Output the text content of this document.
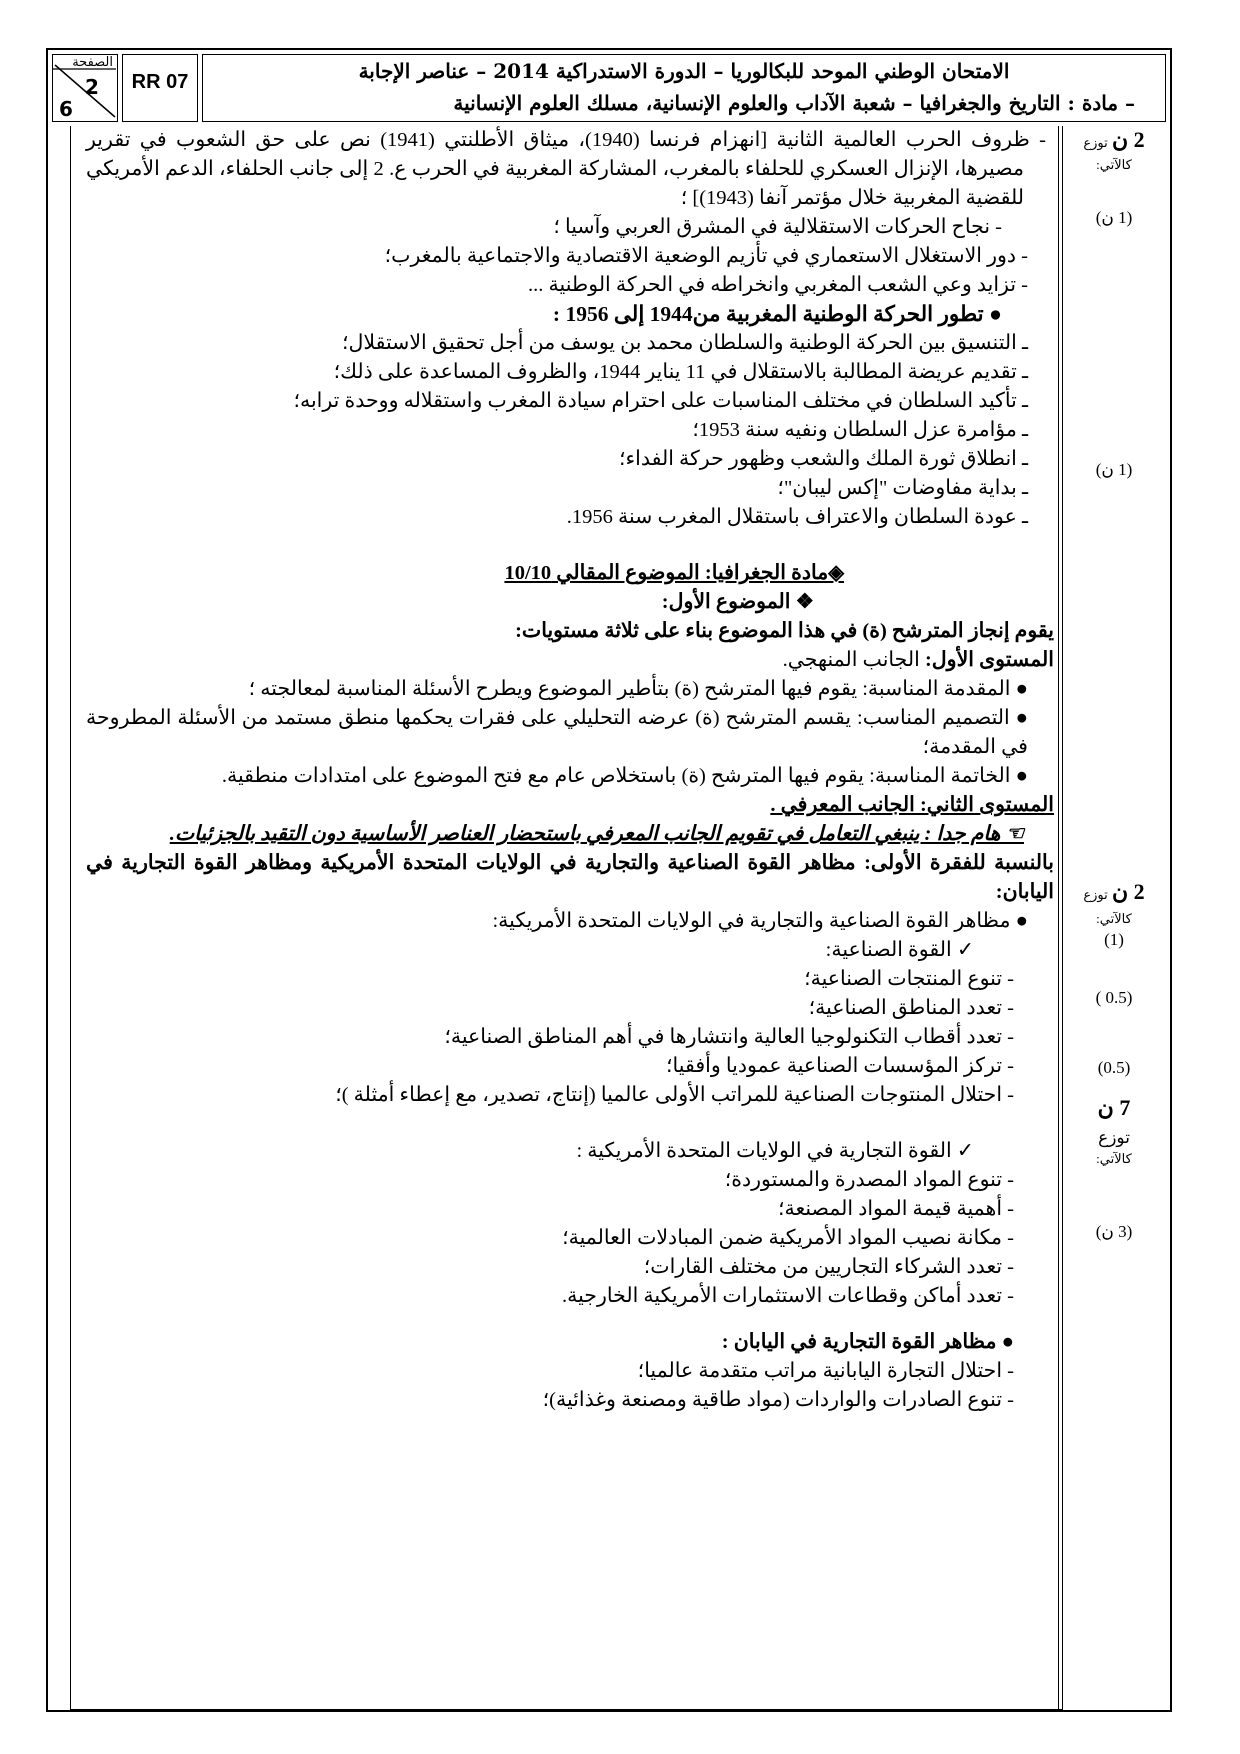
الصفحة
2
6
RR 07	الامتحان الوطني الموحد للبكالوريا – الدورة الاستدراكية 2014 – عناصر الإجابة
– مادة : التاريخ والجغرافيا – شعبة الآداب والعلوم الإنسانية، مسلك العلوم الإنسانية
2 ن توزع
كالآتي:
(1 ن)
(1 ن)
2 ن توزع
كالآتي:
(1)
(0.5 )
(0.5)
7 ن
توزع
كالآتي:
(3 ن)

- ظروف الحرب العالمية الثانية [انهزام فرنسا (1940)، ميثاق الأطلنتي (1941) نص على حق الشعوب في تقرير مصيرها، الإنزال العسكري للحلفاء بالمغرب، المشاركة المغربية في الحرب ع. 2 إلى جانب الحلفاء، الدعم الأمريكي للقضية المغربية خلال مؤتمر آنفا (1943)] ؛

- نجاح الحركات الاستقلالية في المشرق العربي وآسيا ؛

- دور الاستغلال الاستعماري في تأزيم الوضعية الاقتصادية والاجتماعية بالمغرب؛

- تزايد وعي الشعب المغربي وانخراطه في الحركة الوطنية ...

● تطور الحركة الوطنية المغربية من1944 إلى 1956 :

ـ التنسيق بين الحركة الوطنية والسلطان محمد بن يوسف من أجل تحقيق الاستقلال؛

ـ تقديم عريضة المطالبة بالاستقلال في 11 يناير 1944، والظروف المساعدة على ذلك؛

ـ تأكيد السلطان في مختلف المناسبات على احترام سيادة المغرب واستقلاله ووحدة ترابه؛

ـ مؤامرة عزل السلطان ونفيه سنة 1953؛

ـ انطلاق ثورة الملك والشعب وظهور حركة الفداء؛

ـ بداية مفاوضات "إكس ليبان"؛

ـ عودة السلطان والاعتراف باستقلال المغرب سنة 1956.

◈مادة الجغرافيا: الموضوع المقالي 10/10

❖ الموضوع الأول:

يقوم إنجاز المترشح (ة) في هذا الموضوع بناء على ثلاثة مستويات:

المستوى الأول: الجانب المنهجي.

● المقدمة المناسبة: يقوم فيها المترشح (ة) بتأطير الموضوع ويطرح الأسئلة المناسبة لمعالجته ؛

● التصميم المناسب: يقسم المترشح (ة) عرضه التحليلي على فقرات يحكمها منطق مستمد من الأسئلة المطروحة في المقدمة؛

● الخاتمة المناسبة: يقوم فيها المترشح (ة) باستخلاص عام مع فتح الموضوع على امتدادات منطقية.

المستوى الثاني: الجانب المعرفي .

☜ هام جدا : ينبغي التعامل في تقويم الجانب المعرفي باستحضار العناصر الأساسية دون التقيد بالجزئيات.

بالنسبة للفقرة الأولى: مظاهر القوة الصناعية والتجارية في الولايات المتحدة الأمريكية ومظاهر القوة التجارية في اليابان:

● مظاهر القوة الصناعية والتجارية في الولايات المتحدة الأمريكية:

✓ القوة الصناعية:

- تنوع المنتجات الصناعية؛

- تعدد المناطق الصناعية؛

- تعدد أقطاب التكنولوجيا العالية وانتشارها في أهم المناطق الصناعية؛

- تركز المؤسسات الصناعية عموديا وأفقيا؛

- احتلال المنتوجات الصناعية للمراتب الأولى عالميا (إنتاج، تصدير، مع إعطاء أمثلة )؛

✓ القوة التجارية في الولايات المتحدة الأمريكية :

- تنوع المواد المصدرة والمستوردة؛

- أهمية قيمة المواد المصنعة؛

- مكانة نصيب المواد الأمريكية ضمن المبادلات العالمية؛

- تعدد الشركاء التجاريين من مختلف القارات؛

- تعدد أماكن وقطاعات الاستثمارات الأمريكية الخارجية.

● مظاهر القوة التجارية في اليابان :

- احتلال التجارة اليابانية مراتب متقدمة عالميا؛

- تنوع الصادرات والواردات (مواد طاقية ومصنعة وغذائية)؛
